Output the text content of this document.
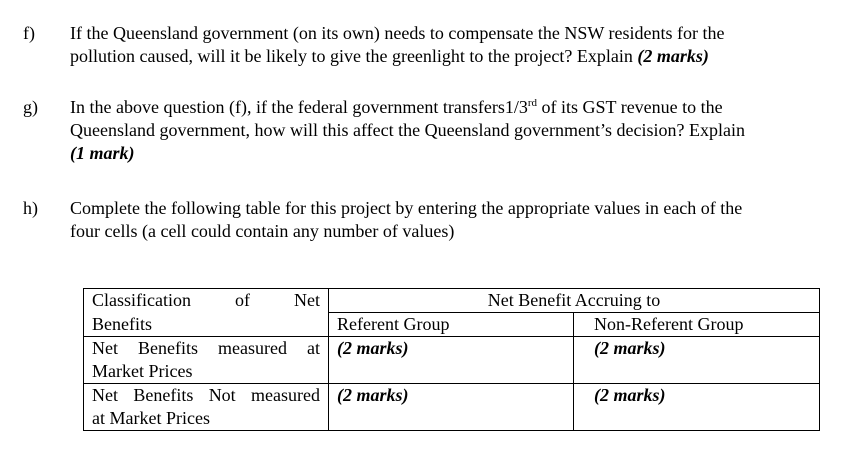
f) If the Queensland government (on its own) needs to compensate the NSW residents for the
pollution caused, will it be likely to give the greenlight to the project? Explain (2 marks)
g) In the above question (f), if the federal government transfers1/3rd of its GST revenue to the
Queensland government, how will this affect the Queensland government’s decision? Explain
(1 mark)
h) Complete the following table for this project by entering the appropriate values in each of the
four cells (a cell could contain any number of values)
Classification of Net	Net Benefit Accruing to	
Benefits	Referent Group	Non-Referent Group

Net Benefits measured at
Market Prices	(2 marks)	(2 marks)

Net Benefits Not measured
at Market Prices	(2 marks)	(2 marks)
